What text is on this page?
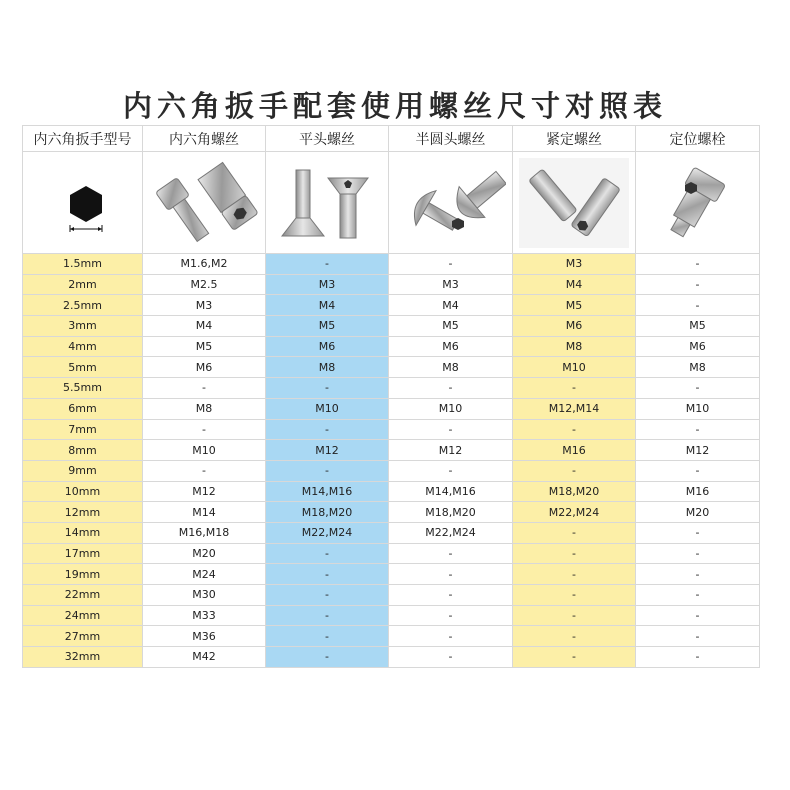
内六角扳手配套使用螺丝尺寸对照表
内六角扳手型号	内六角螺丝	平头螺丝	半圆头螺丝	紧定螺丝	定位螺栓

1.5mm	M1.6,M2	-	-	M3	-
2mm	M2.5	M3	M3	M4	-
2.5mm	M3	M4	M4	M5	-
3mm	M4	M5	M5	M6	M5
4mm	M5	M6	M6	M8	M6
5mm	M6	M8	M8	M10	M8
5.5mm	-	-	-	-	-
6mm	M8	M10	M10	M12,M14	M10
7mm	-	-	-	-	-
8mm	M10	M12	M12	M16	M12
9mm	-	-	-	-	-
10mm	M12	M14,M16	M14,M16	M18,M20	M16
12mm	M14	M18,M20	M18,M20	M22,M24	M20
14mm	M16,M18	M22,M24	M22,M24	-	-
17mm	M20	-	-	-	-
19mm	M24	-	-	-	-
22mm	M30	-	-	-	-
24mm	M33	-	-	-	-
27mm	M36	-	-	-	-
32mm	M42	-	-	-	-
